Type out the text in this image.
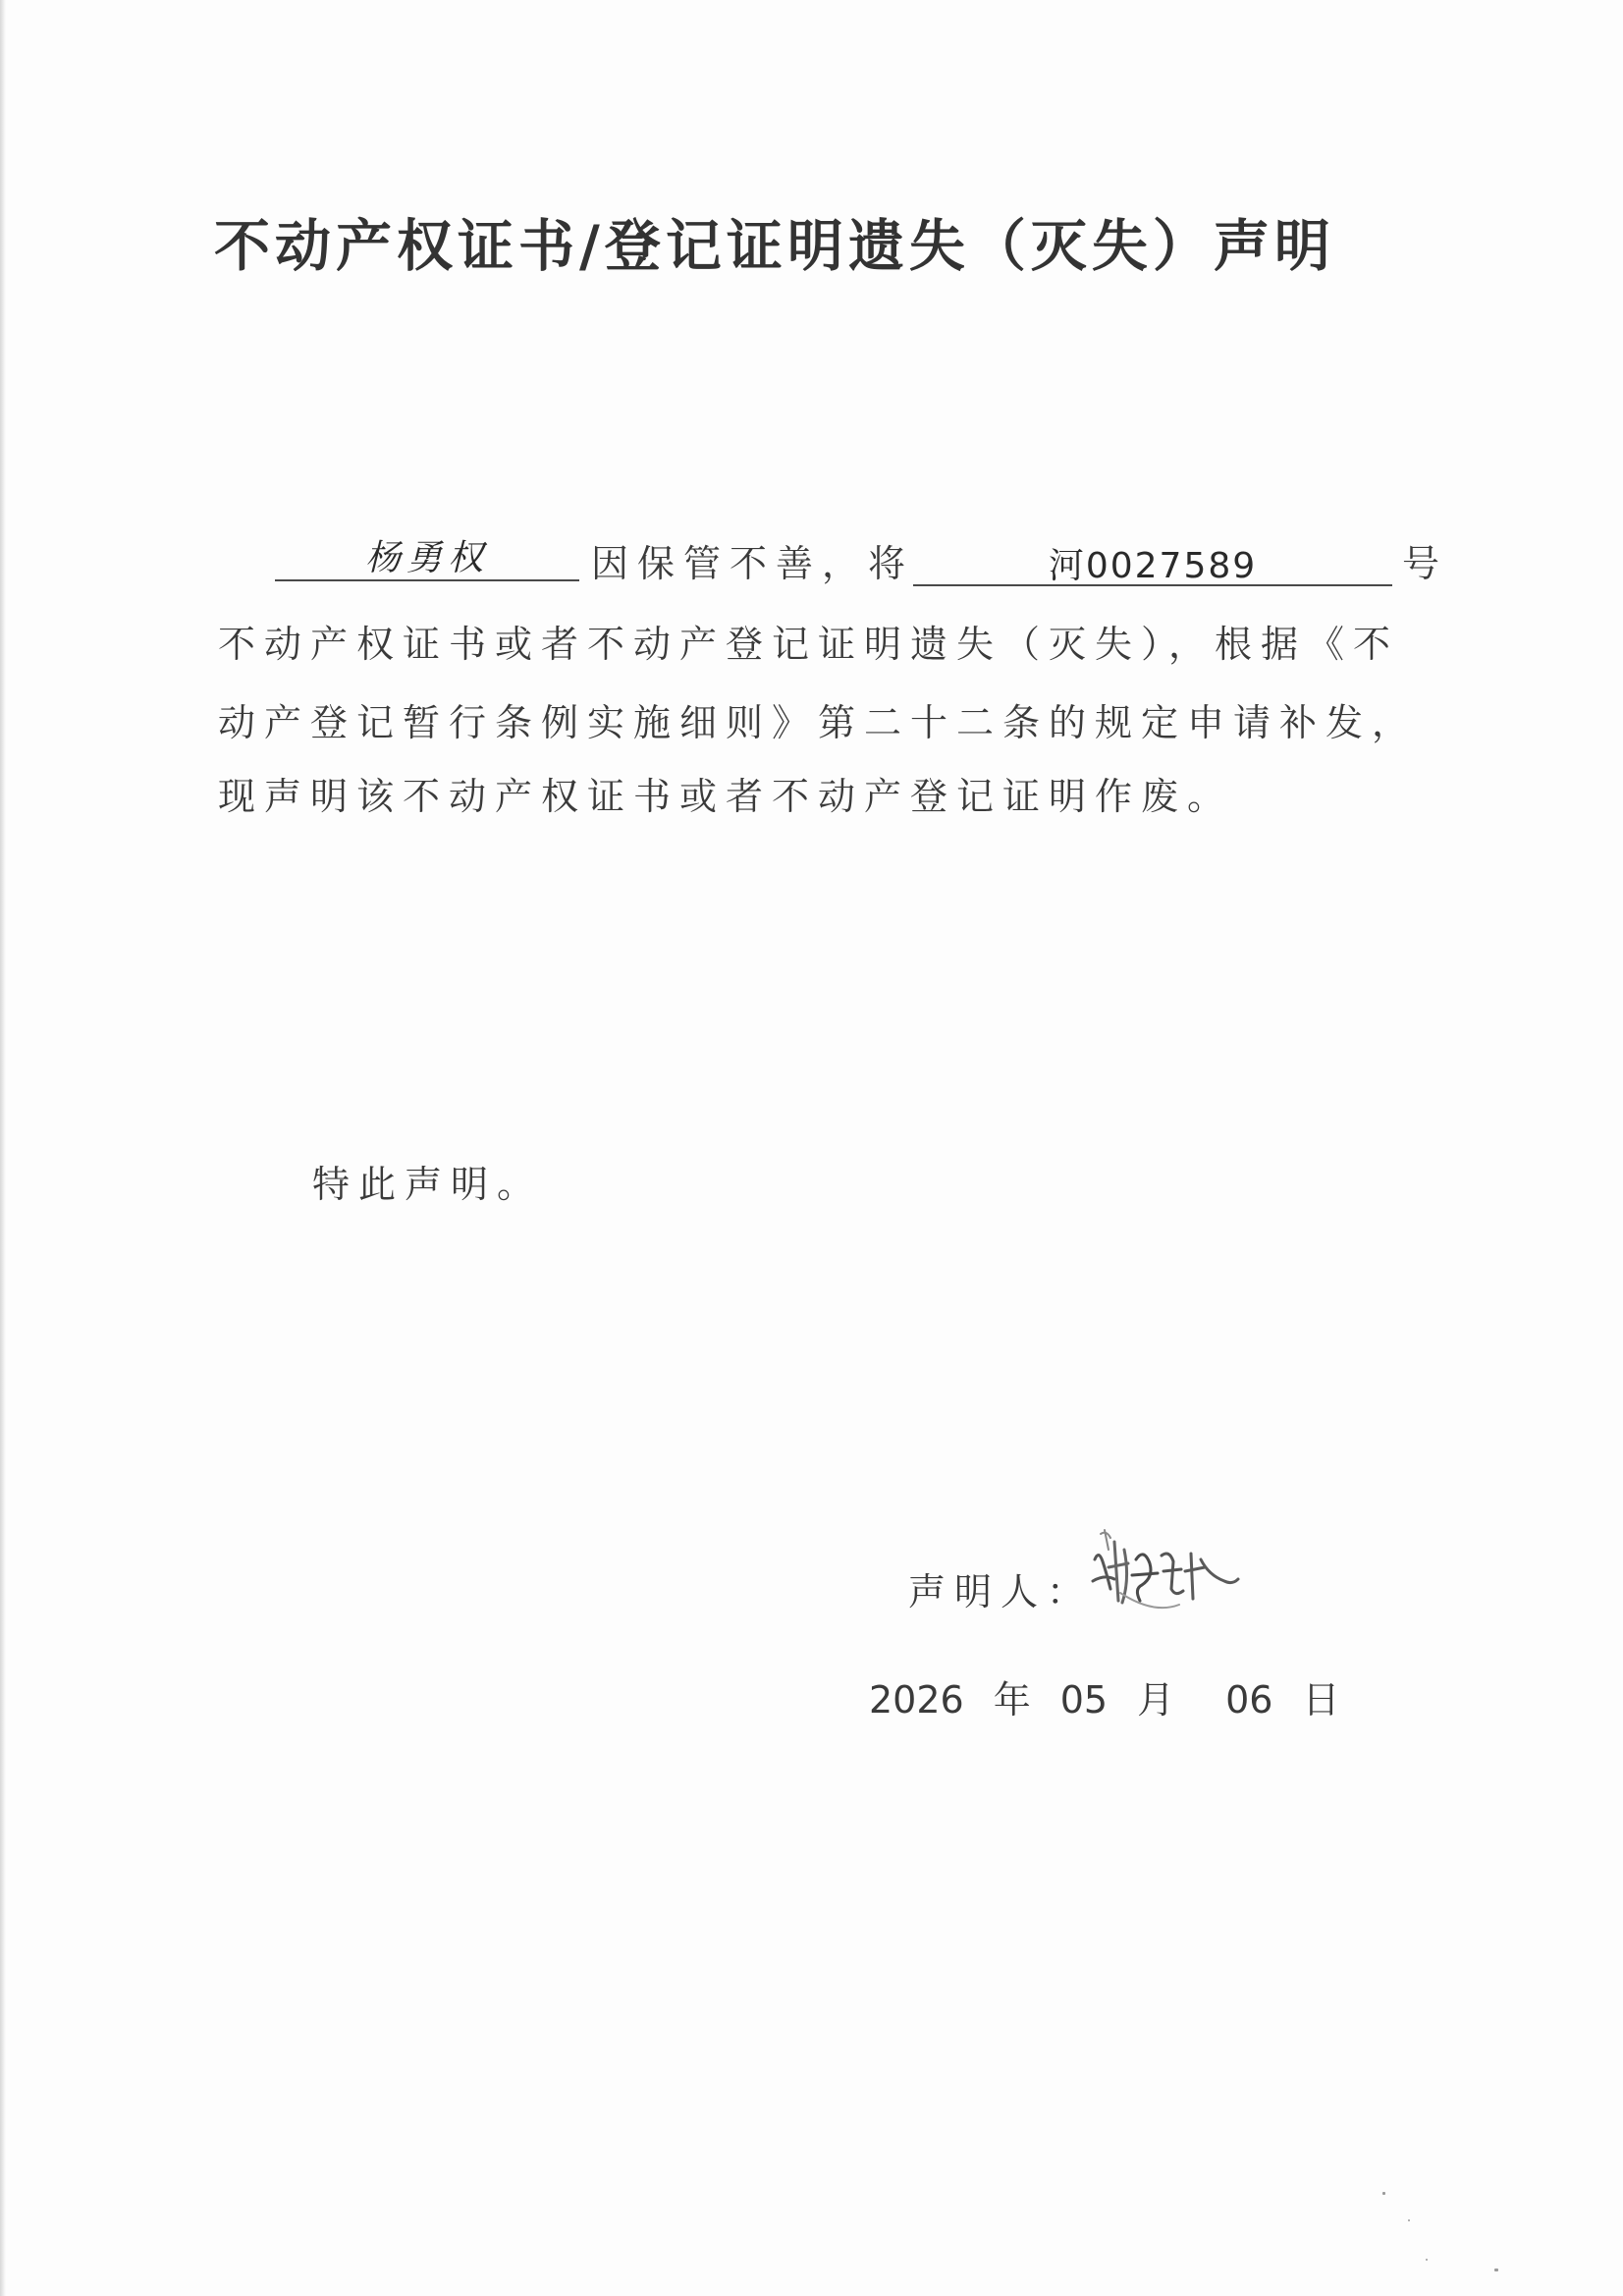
不动产权证书/登记证明遗失（灭失）声明
杨勇权	因保管不善，将	河0027589	号
不动产权证书或者不动产登记证明遗失（灭失），根据《不
动产登记暂行条例实施细则》第二十二条的规定申请补发，
现声明该不动产权证书或者不动产登记证明作废。
特此声明。
声明人：
2026 年 05 月 06 日
